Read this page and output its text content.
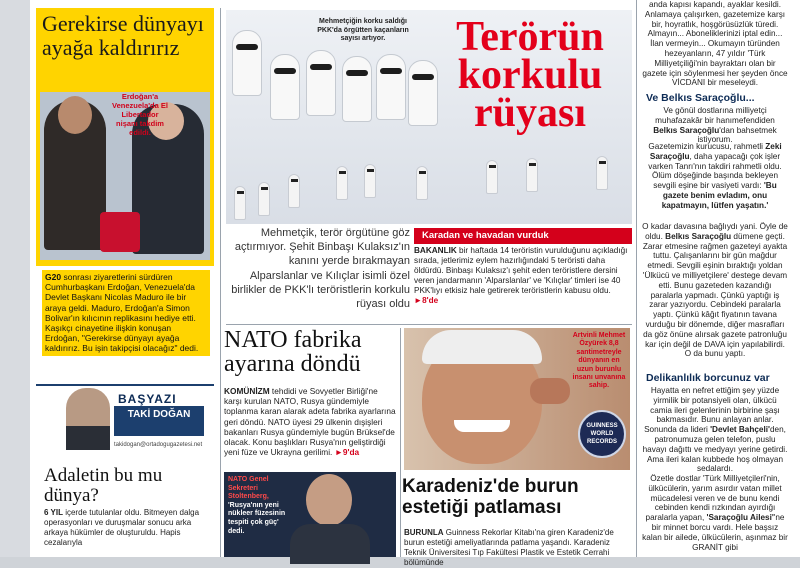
Gerekirse dünyayı ayağa kaldırırız
Erdoğan'a Venezuela'da El Libertador nişanı takdim edildi.
G20 sonrası ziyaretlerini sürdüren Cumhurbaşkanı Erdoğan, Venezuela'da Devlet Başkanı Nicolas Maduro ile bir araya geldi. Maduro, Erdoğan'a Simon Bolivar'ın kılıcının replikasını hediye etti. Kaşıkçı cinayetine ilişkin konuşan Erdoğan, "Gerekirse dünyayı ayağa kaldırırız. Bu işin takipçisi olacağız" dedi.
BAŞYAZI
TAKİ DOĞAN
takidogan@ortadogugazetesi.net
Adaletin bu mu dünya?
6 YIL içerde tutulanlar oldu. Bitmeyen dalga operasyonları ve duruşmalar sonucu arka arkaya hükümler de oluşturuldu. Hapis cezalarıyla
Mehmetçiğin korku saldığı PKK'da örgütten kaçanların sayısı artıyor.	Terörün korkulu rüyası
Mehmetçik, terör örgütüne göz açtırmıyor. Şehit Binbaşı Kulaksız'ın kanını yerde bırakmayan Alparslanlar ve Kılıçlar isimli özel birlikler de PKK'lı teröristlerin korkulu rüyası oldu
Karadan ve havadan vurduk
BAKANLIK bir haftada 14 teröristin vurulduğunu açıkladığı sırada, jetlerimiz eylem hazırlığındaki 5 teröristi daha öldürdü. Binbaşı Kulaksız'ı şehit eden teröristlere dersini veren jandarmanın 'Alparslanlar' ve 'Kılıçlar' timleri ise 40 PKK'lıyı etkisiz hale getirerek teröristlerin kabusu oldu. ►8'de
NATO fabrika ayarına döndü
KOMÜNİZM tehdidi ve Sovyetler Birliği'ne karşı kurulan NATO, Rusya gündemiyle toplanma karan alarak adeta fabrika ayarlarına geri döndü. NATO üyesi 29 ülkenin dışişleri bakanları Rusya gündemiyle bugün Brüksel'de olacak. Konu başlıkları Rusya'nın geliştirdiği yeni füze ve Ukrayna gerilimi. ►9'da
NATO Genel Sekreteri Stoltenberg, 'Rusya'nın yeni nükleer füzesinin tespiti çok güç' dedi.
Artvinli Mehmet Özyürek 8,8 santimetreyle dünyanın en uzun burunlu insanı unvanına sahip.
GUINNESS WORLD RECORDS
Karadeniz'de burun estetiği patlaması
BURUNLA Guinness Rekorlar Kitabı'na giren Karadeniz'de burun estetiği ameliyatlarında patlama yaşandı. Karadeniz Teknik Üniversitesi Tıp Fakültesi Plastik ve Estetik Cerrahi bölümünde
anda kapısı kapandı, ayaklar kesildi. Anlamaya çalışırken, gazetemize karşı bir, hoyratlık, hoşgörüsüzlük türedi. Almayın... Aboneliklerinizi iptal edin... İlan vermeyin... Okumayın türünden hezeyanların, 47 yıldır 'Türk Milliyetçiliği'nin bayraktarı olan bir gazete için söylenmesi her şeyden önce VİCDANI bir meseleydi.
Ve Belkıs Saraçoğlu...
Ve gönül dostlarına milliyetçi muhafazakâr bir hanımefendiden Belkıs Saraçoğlu'dan bahsetmek istiyorum.
Gazetemizin kurucusu, rahmetli Zeki Saraçoğlu, daha yapacağı çok işler varken Tanrı'nın takdiri rahmetli oldu. Ölüm döşeğinde başında bekleyen sevgili eşine bir vasiyeti vardı: 'Bu gazete benim evladım, onu kapatmayın, lütfen yaşatın.'
O kadar davasına bağlıydı yani. Öyle de oldu. Belkıs Saraçoğlu dümene geçti. Zarar etmesine rağmen gazeteyi ayakta tuttu. Çalışanlarını bir gün mağdur etmedi. Sevgili eşinin bıraktığı yoldan 'Ülkücü ve milliyetçilere' destege devam etti. Bunu gazeteden kazandığı paralarla yapmadı. Çünkü yaptığı iş zarar yazıyordu. Cebindeki paralarla yaptı. Çünkü kâğıt fiyatının tavana vurduğu bir dönemde, diğer masrafları da göz önüne alırsak gazete patronluğu kar için değil de DAVA için yapılabilirdi. O da bunu yaptı.
Delikanlılık borcunuz var
Hayatta en nefret ettiğim şey yüzde yirmilik bir potansiyeli olan, ülkücü camia ileri gelenlerinin birbirine şaşı bakmasıdır. Bunu anlayan anlar. Sonunda da lideri 'Devlet Bahçeli'den, patronumuza gelen telefon, puslu havayı dağıttı ve medyayı yerine getirdi. Ama ileri kalan kubbede hoş olmayan sedalardı.
Özetle dostlar 'Türk Milliyetçileri'nin, ülkücülerin, yarım asırdır vatan millet mücadelesi veren ve de bunu kendi cebinden kendi rızkından ayırdığı paralarla yapan, 'Saraçoğlu Ailesi''ne bir minnet borcu vardı. Hele başsız kalan bir ailede, ülkücülerin, aşınmaz bir GRANİT gibi
